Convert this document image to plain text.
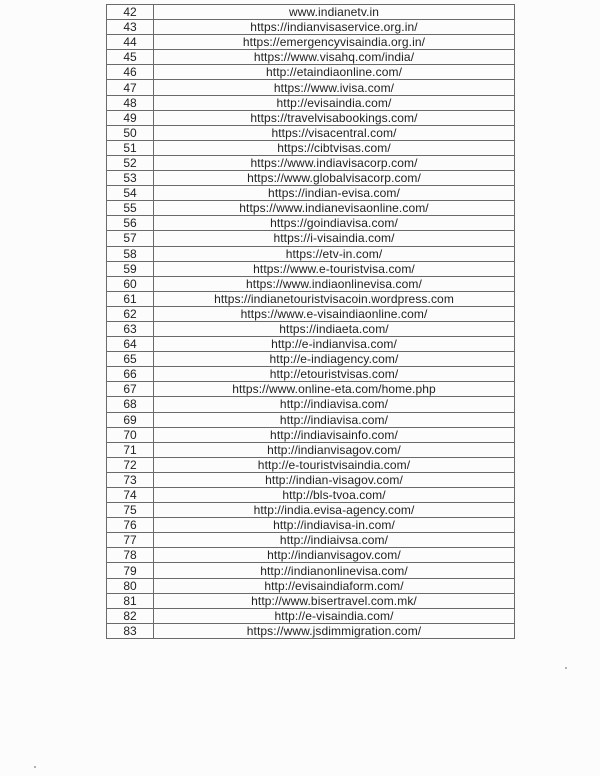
42	www.indianetv.in
43	https://indianvisaservice.org.in/
44	https://emergencyvisaindia.org.in/
45	https://www.visahq.com/india/
46	http://etaindiaonline.com/
47	https://www.ivisa.com/
48	http://evisaindia.com/
49	https://travelvisabookings.com/
50	https://visacentral.com/
51	https://cibtvisas.com/
52	https://www.indiavisacorp.com/
53	https://www.globalvisacorp.com/
54	https://indian-evisa.com/
55	https://www.indianevisaonline.com/
56	https://goindiavisa.com/
57	https://i-visaindia.com/
58	https://etv-in.com/
59	https://www.e-touristvisa.com/
60	https://www.indiaonlinevisa.com/
61	https://indianetouristvisacoin.wordpress.com
62	https://www.e-visaindiaonline.com/
63	https://indiaeta.com/
64	http://e-indianvisa.com/
65	http://e-indiagency.com/
66	http://etouristvisas.com/
67	https://www.online-eta.com/home.php
68	http://indiavisa.com/
69	http://indiavisa.com/
70	http://indiavisainfo.com/
71	http://indianvisagov.com/
72	http://e-touristvisaindia.com/
73	http://indian-visagov.com/
74	http://bls-tvoa.com/
75	http://india.evisa-agency.com/
76	http://indiavisa-in.com/
77	http://indiaivsa.com/
78	http://indianvisagov.com/
79	http://indianonlinevisa.com/
80	http://evisaindiaform.com/
81	http://www.bisertravel.com.mk/
82	http://e-visaindia.com/
83	https://www.jsdimmigration.com/
